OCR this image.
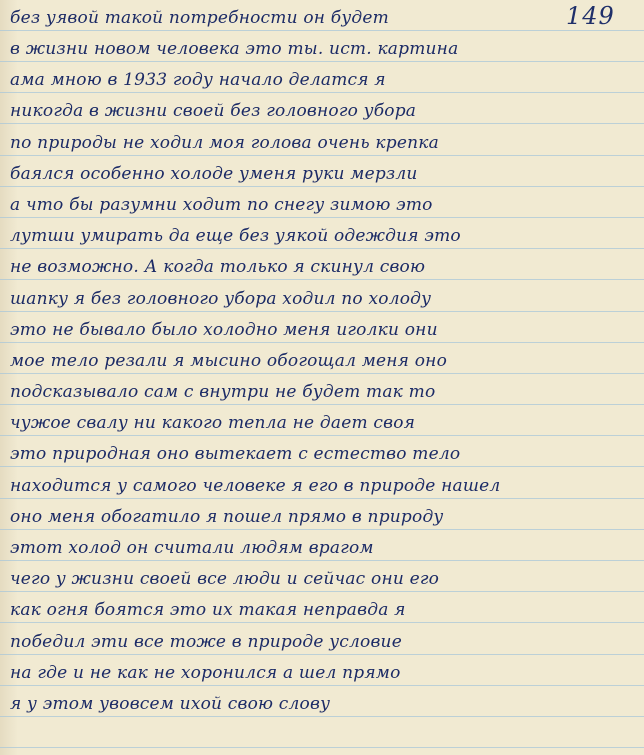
149
без уявой такой потребности он будет
в жизни новом человека это ты. ист. картина
ама мною в 1933 году начало делатся я
никогда в жизни своей без головного убора
по природы не ходил моя голова очень крепка
баялся особенно холоде уменя руки мерзли
а что бы разумни ходит по снегу зимою это
лутши умирать да еще без уякой одеждия это
не возможно. А когда только я скинул свою
шапку я без головного убора ходил по холоду
это не бывало было холодно меня иголки они
мое тело резали я мысино обогощал меня оно
подсказывало сам с внутри не будет так то
чужое свалу ни какого тепла не дает своя
это природная оно вытекает с естество тело
находится у самого человеке я его в природе нашел
оно меня обогатило я пошел прямо в природу
этот холод он считали людям врагом
чего у жизни своей все люди и сейчас они его
как огня боятся это их такая неправда я
победил эти все тоже в природе условие
на где и не как не хоронился а шел прямо
я у этом увовсем ихой свою слову
